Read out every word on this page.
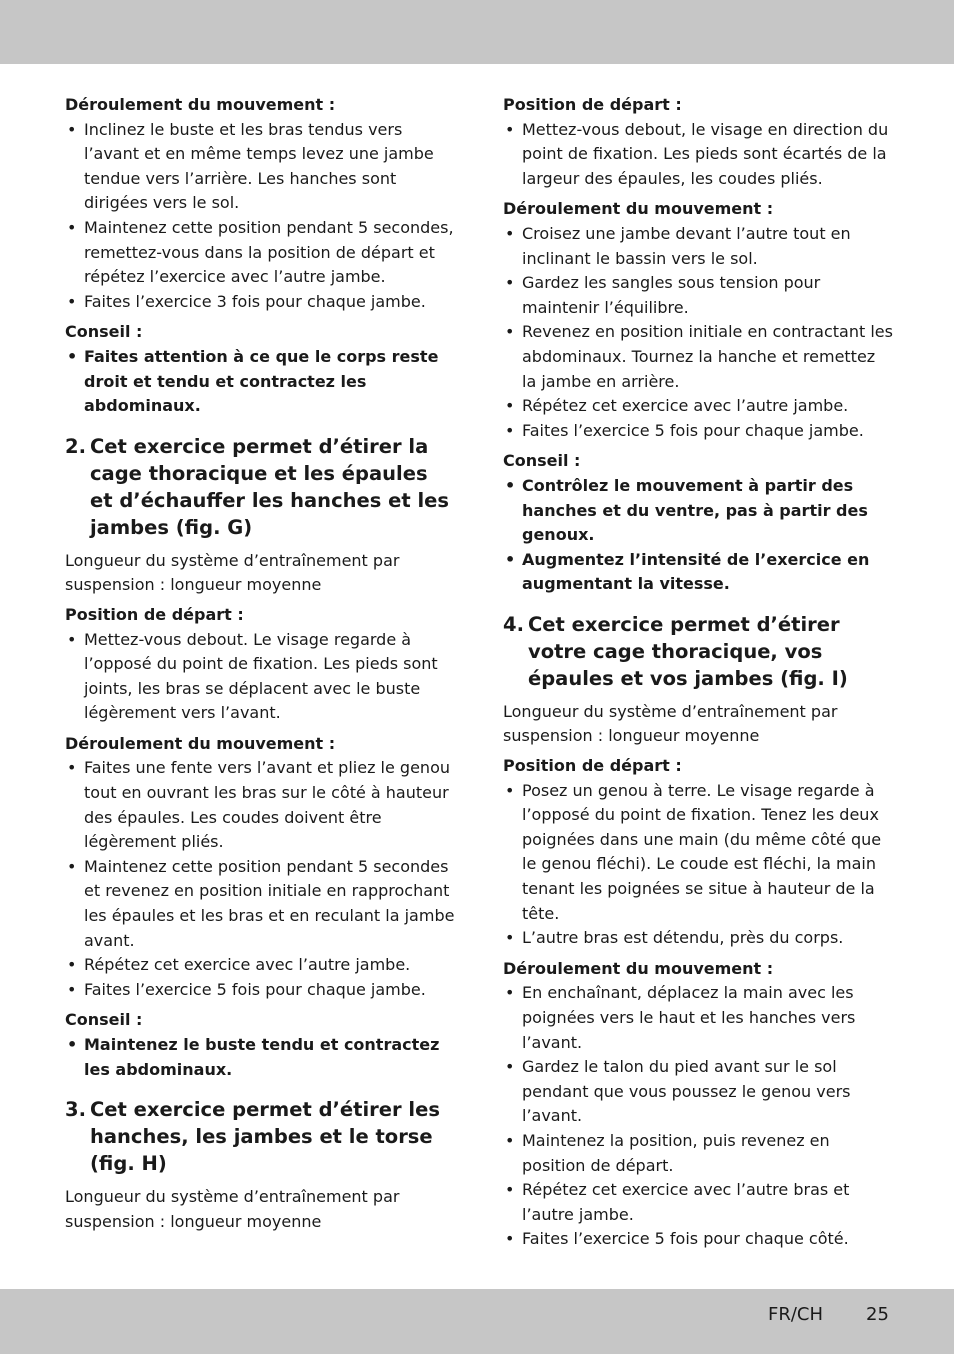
Déroulement du mouvement :

• Inclinez le buste et les bras tendus vers l’avant et en même temps levez une jambe tendue vers l’arrière. Les hanches sont dirigées vers le sol.
• Maintenez cette position pendant 5 secondes, remettez-vous dans la position de départ et répétez l’exercice avec l’autre jambe.
• Faites l’exercice 3 fois pour chaque jambe.

Conseil :

• Faites attention à ce que le corps reste droit et tendu et contractez les abdominaux.
2. Cet exercice permet d’étirer la cage thoracique et les épaules et d’échauffer les hanches et les jambes (fig. G)

Longueur du système d’entraînement par suspension : longueur moyenne

Position de départ :

• Mettez-vous debout. Le visage regarde à l’opposé du point de fixation. Les pieds sont joints, les bras se déplacent avec le buste légèrement vers l’avant.

Déroulement du mouvement :

• Faites une fente vers l’avant et pliez le genou tout en ouvrant les bras sur le côté à hauteur des épaules. Les coudes doivent être légèrement pliés.
• Maintenez cette position pendant 5 secondes et revenez en position initiale en rapprochant les épaules et les bras et en reculant la jambe avant.
• Répétez cet exercice avec l’autre jambe.
• Faites l’exercice 5 fois pour chaque jambe.

Conseil :

• Maintenez le buste tendu et contractez les abdominaux.
3. Cet exercice permet d’étirer les hanches, les jambes et le torse (fig. H)

Longueur du système d’entraînement par suspension : longueur moyenne

Position de départ :

• Mettez-vous debout, le visage en direction du point de fixation. Les pieds sont écartés de la largeur des épaules, les coudes pliés.

Déroulement du mouvement :

• Croisez une jambe devant l’autre tout en inclinant le bassin vers le sol.
• Gardez les sangles sous tension pour maintenir l’équilibre.
• Revenez en position initiale en contractant les abdominaux. Tournez la hanche et remettez la jambe en arrière.
• Répétez cet exercice avec l’autre jambe.
• Faites l’exercice 5 fois pour chaque jambe.

Conseil :

• Contrôlez le mouvement à partir des hanches et du ventre, pas à partir des genoux.
• Augmentez l’intensité de l’exercice en augmentant la vitesse.
4. Cet exercice permet d’étirer votre cage thoracique, vos épaules et vos jambes (fig. I)

Longueur du système d’entraînement par suspension : longueur moyenne

Position de départ :

• Posez un genou à terre. Le visage regarde à l’opposé du point de fixation. Tenez les deux poignées dans une main (du même côté que le genou fléchi). Le coude est fléchi, la main tenant les poignées se situe à hauteur de la tête.
• L’autre bras est détendu, près du corps.

Déroulement du mouvement :

• En enchaînant, déplacez la main avec les poignées vers le haut et les hanches vers l’avant.
• Gardez le talon du pied avant sur le sol pendant que vous poussez le genou vers l’avant.
• Maintenez la position, puis revenez en position de départ.
• Répétez cet exercice avec l’autre bras et l’autre jambe.
• Faites l’exercice 5 fois pour chaque côté.
FR/CH 25
